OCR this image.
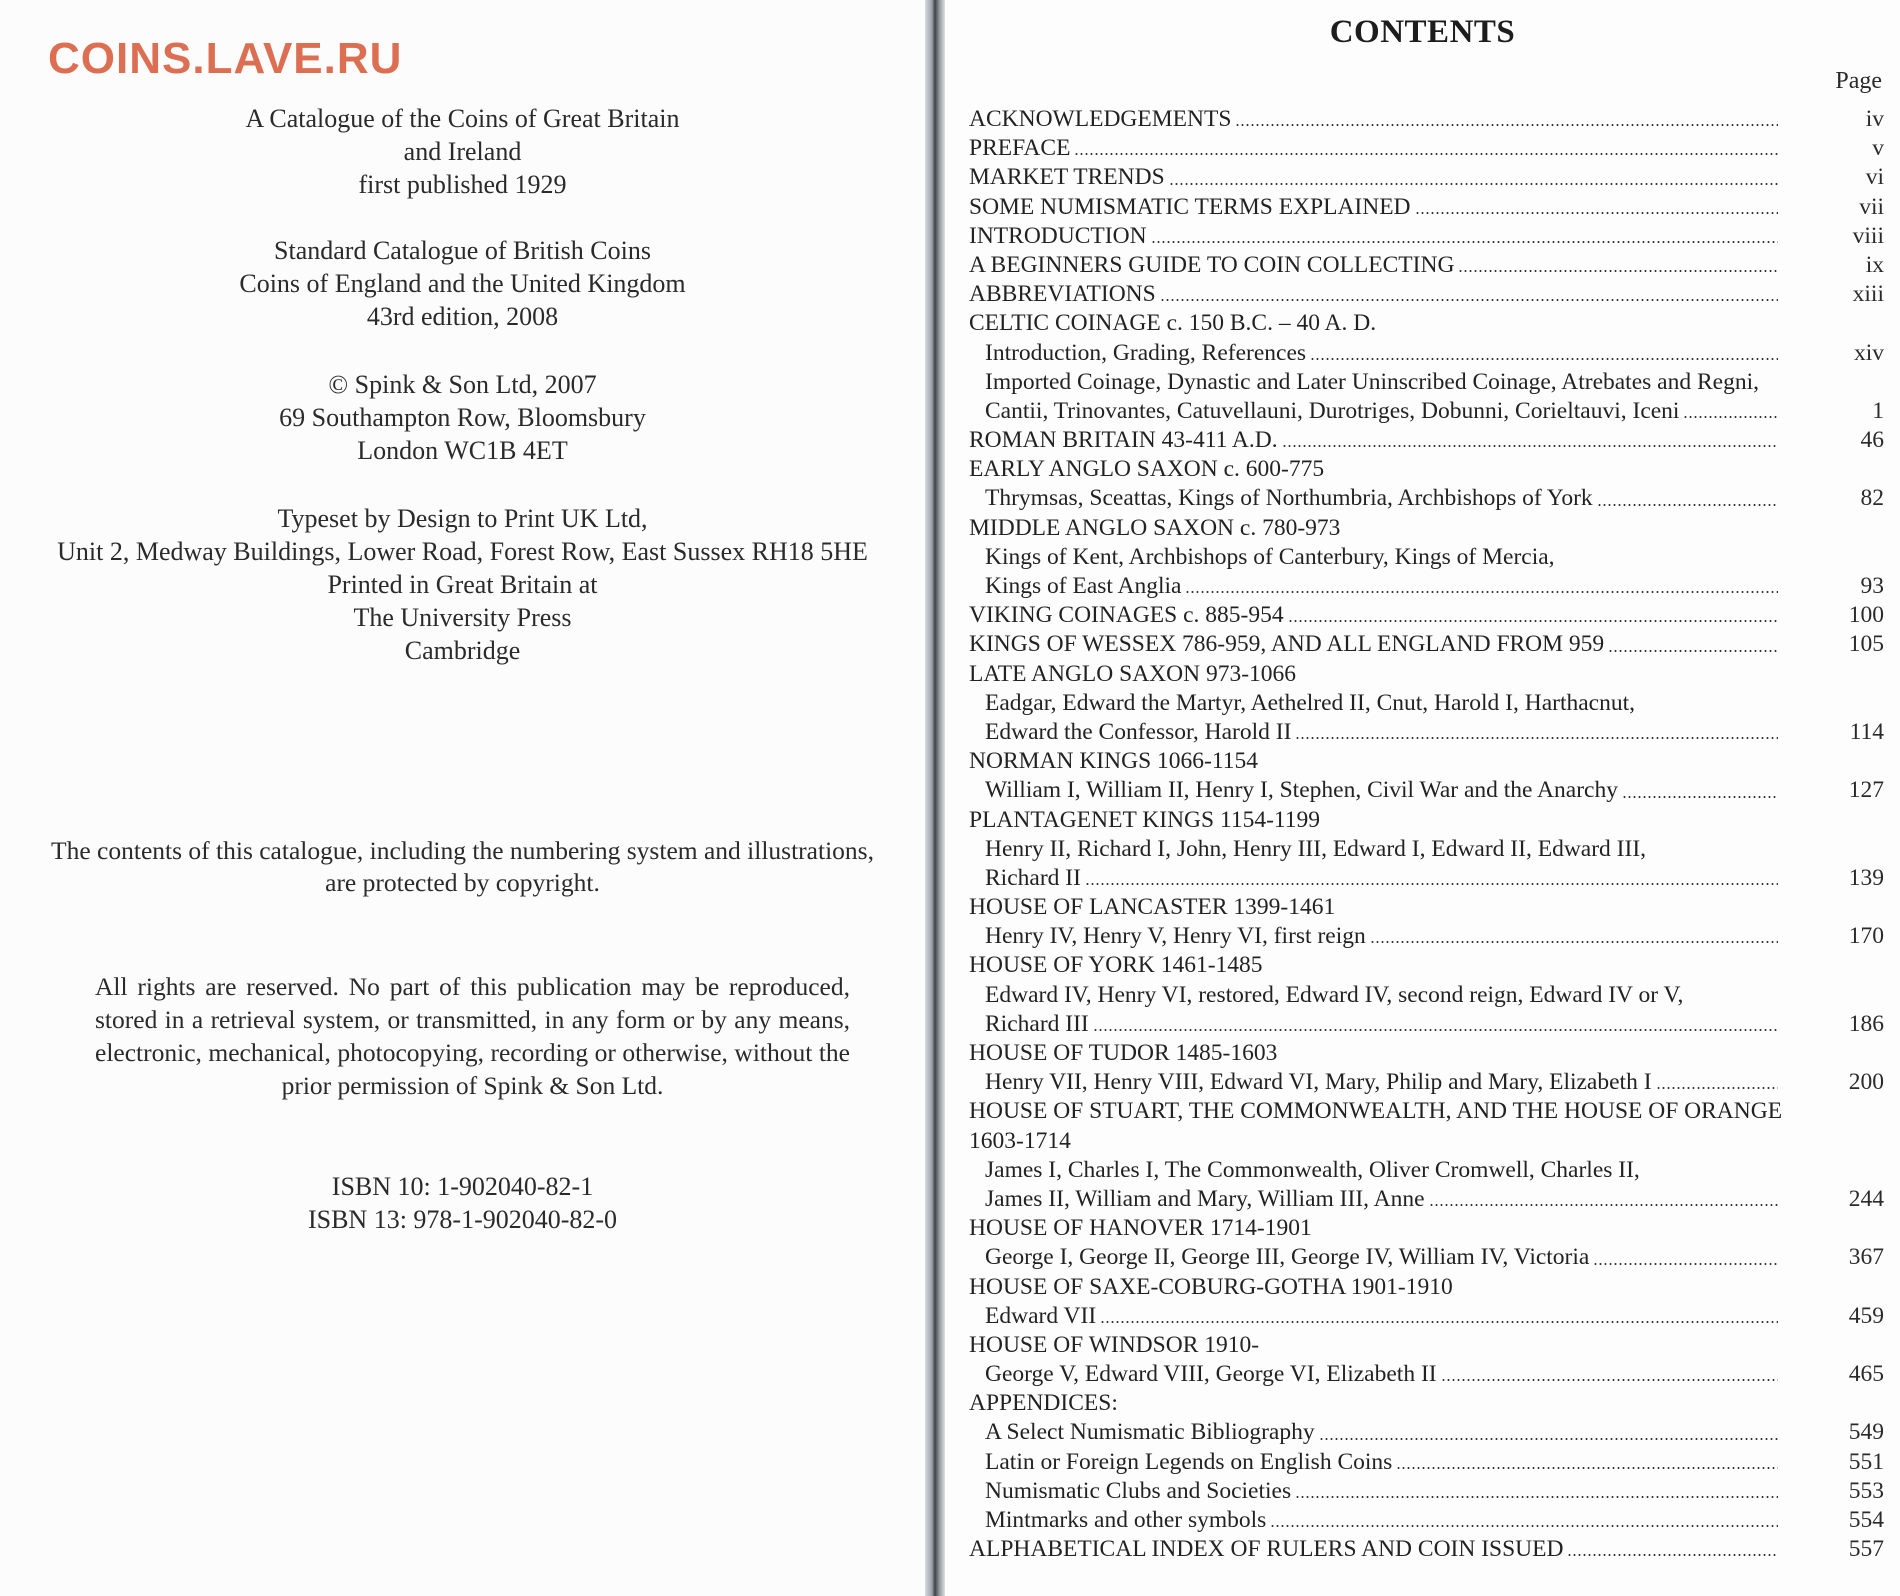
COINS.LAVE.RU
A Catalogue of the Coins of Great Britain
and Ireland
first published 1929
Standard Catalogue of British Coins
Coins of England and the United Kingdom
43rd edition, 2008
© Spink & Son Ltd, 2007
69 Southampton Row, Bloomsbury
London WC1B 4ET
Typeset by Design to Print UK Ltd,
Unit 2, Medway Buildings, Lower Road, Forest Row, East Sussex RH18 5HE
Printed in Great Britain at
The University Press
Cambridge
The contents of this catalogue, including the numbering system and illustrations,
are protected by copyright.

All rights are reserved. No part of this publication may be reproduced, stored in a retrieval system, or transmitted, in any form or by any means, electronic, mechanical, photocopying, recording or otherwise, without the prior permission of Spink & Son Ltd.

ISBN 10: 1-902040-82-1
ISBN 13: 978-1-902040-82-0
CONTENTS
Page
ACKNOWLEDGEMENTS	iv
PREFACE	v
MARKET TRENDS	vi
SOME NUMISMATIC TERMS EXPLAINED	vii
INTRODUCTION	viii
A BEGINNERS GUIDE TO COIN COLLECTING	ix
ABBREVIATIONS	xiii
CELTIC COINAGE c. 150 B.C. – 40 A. D.
Introduction, Grading, References	xiv
Imported Coinage, Dynastic and Later Uninscribed Coinage, Atrebates and Regni,
Cantii, Trinovantes, Catuvellauni, Durotriges, Dobunni, Corieltauvi, Iceni	1
ROMAN BRITAIN 43-411 A.D.	46
EARLY ANGLO SAXON c. 600-775
Thrymsas, Sceattas, Kings of Northumbria, Archbishops of York	82
MIDDLE ANGLO SAXON c. 780-973
Kings of Kent, Archbishops of Canterbury, Kings of Mercia,
Kings of East Anglia	93
VIKING COINAGES c. 885-954	100
KINGS OF WESSEX 786-959, AND ALL ENGLAND FROM 959	105
LATE ANGLO SAXON 973-1066
Eadgar, Edward the Martyr, Aethelred II, Cnut, Harold I, Harthacnut,
Edward the Confessor, Harold II	114
NORMAN KINGS 1066-1154
William I, William II, Henry I, Stephen, Civil War and the Anarchy	127
PLANTAGENET KINGS 1154-1199
Henry II, Richard I, John, Henry III, Edward I, Edward II, Edward III,
Richard II	139
HOUSE OF LANCASTER 1399-1461
Henry IV, Henry V, Henry VI, first reign	170
HOUSE OF YORK 1461-1485
Edward IV, Henry VI, restored, Edward IV, second reign, Edward IV or V,
Richard III	186
HOUSE OF TUDOR 1485-1603
Henry VII, Henry VIII, Edward VI, Mary, Philip and Mary, Elizabeth I	200
HOUSE OF STUART, THE COMMONWEALTH, AND THE HOUSE OF ORANGE
1603-1714
James I, Charles I, The Commonwealth, Oliver Cromwell, Charles II,
James II, William and Mary, William III, Anne	244
HOUSE OF HANOVER 1714-1901
George I, George II, George III, George IV, William IV, Victoria	367
HOUSE OF SAXE-COBURG-GOTHA 1901-1910
Edward VII	459
HOUSE OF WINDSOR 1910-
George V, Edward VIII, George VI, Elizabeth II	465
APPENDICES:
A Select Numismatic Bibliography	549
Latin or Foreign Legends on English Coins	551
Numismatic Clubs and Societies	553
Mintmarks and other symbols	554
ALPHABETICAL INDEX OF RULERS AND COIN ISSUED	557
